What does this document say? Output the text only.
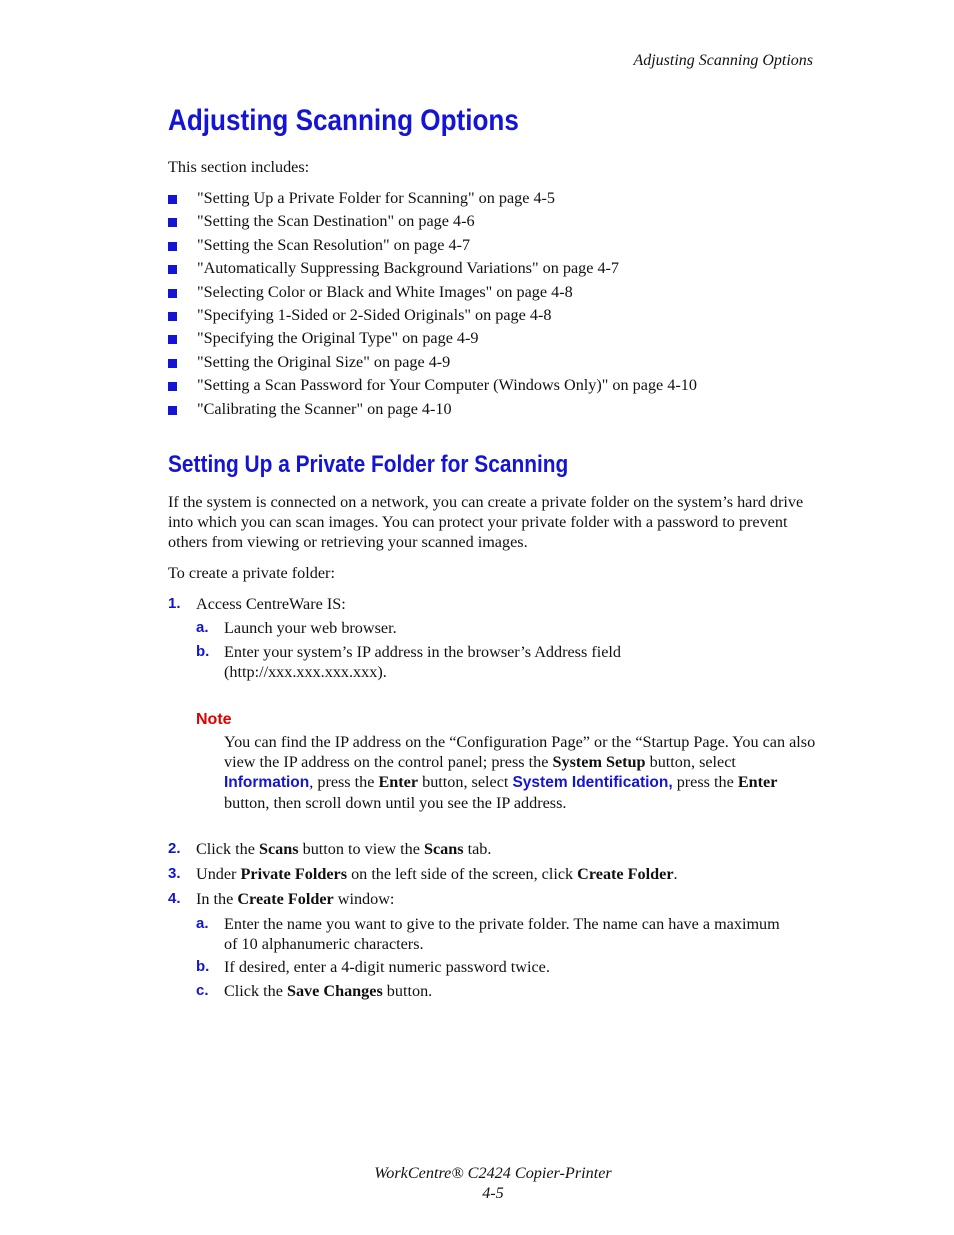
Adjusting Scanning Options
Adjusting Scanning Options

This section includes:

"Setting Up a Private Folder for Scanning" on page 4-5
"Setting the Scan Destination" on page 4-6
"Setting the Scan Resolution" on page 4-7
"Automatically Suppressing Background Variations" on page 4-7
"Selecting Color or Black and White Images" on page 4-8
"Specifying 1-Sided or 2-Sided Originals" on page 4-8
"Specifying the Original Type" on page 4-9
"Setting the Original Size" on page 4-9
"Setting a Scan Password for Your Computer (Windows Only)" on page 4-10
"Calibrating the Scanner" on page 4-10
Setting Up a Private Folder for Scanning

If the system is connected on a network, you can create a private folder on the system’s hard drive into which you can scan images. You can protect your private folder with a password to prevent others from viewing or retrieving your scanned images.

To create a private folder:

1. Access CentreWare IS:
a. Launch your web browser.
b. Enter your system’s IP address in the browser’s Address field
(http://xxx.xxx.xxx.xxx).
Note

You can find the IP address on the “Configuration Page” or the “Startup Page. You can also view the IP address on the control panel; press the System Setup button, select Information, press the Enter button, select System Identification, press the Enter button, then scroll down until you see the IP address.

2. Click the Scans button to view the Scans tab.
3. Under Private Folders on the left side of the screen, click Create Folder.
4. In the Create Folder window:
a. Enter the name you want to give to the private folder. The name can have a maximum
of 10 alphanumeric characters.
b. If desired, enter a 4-digit numeric password twice.
c. Click the Save Changes button.
WorkCentre® C2424 Copier-Printer
4-5
